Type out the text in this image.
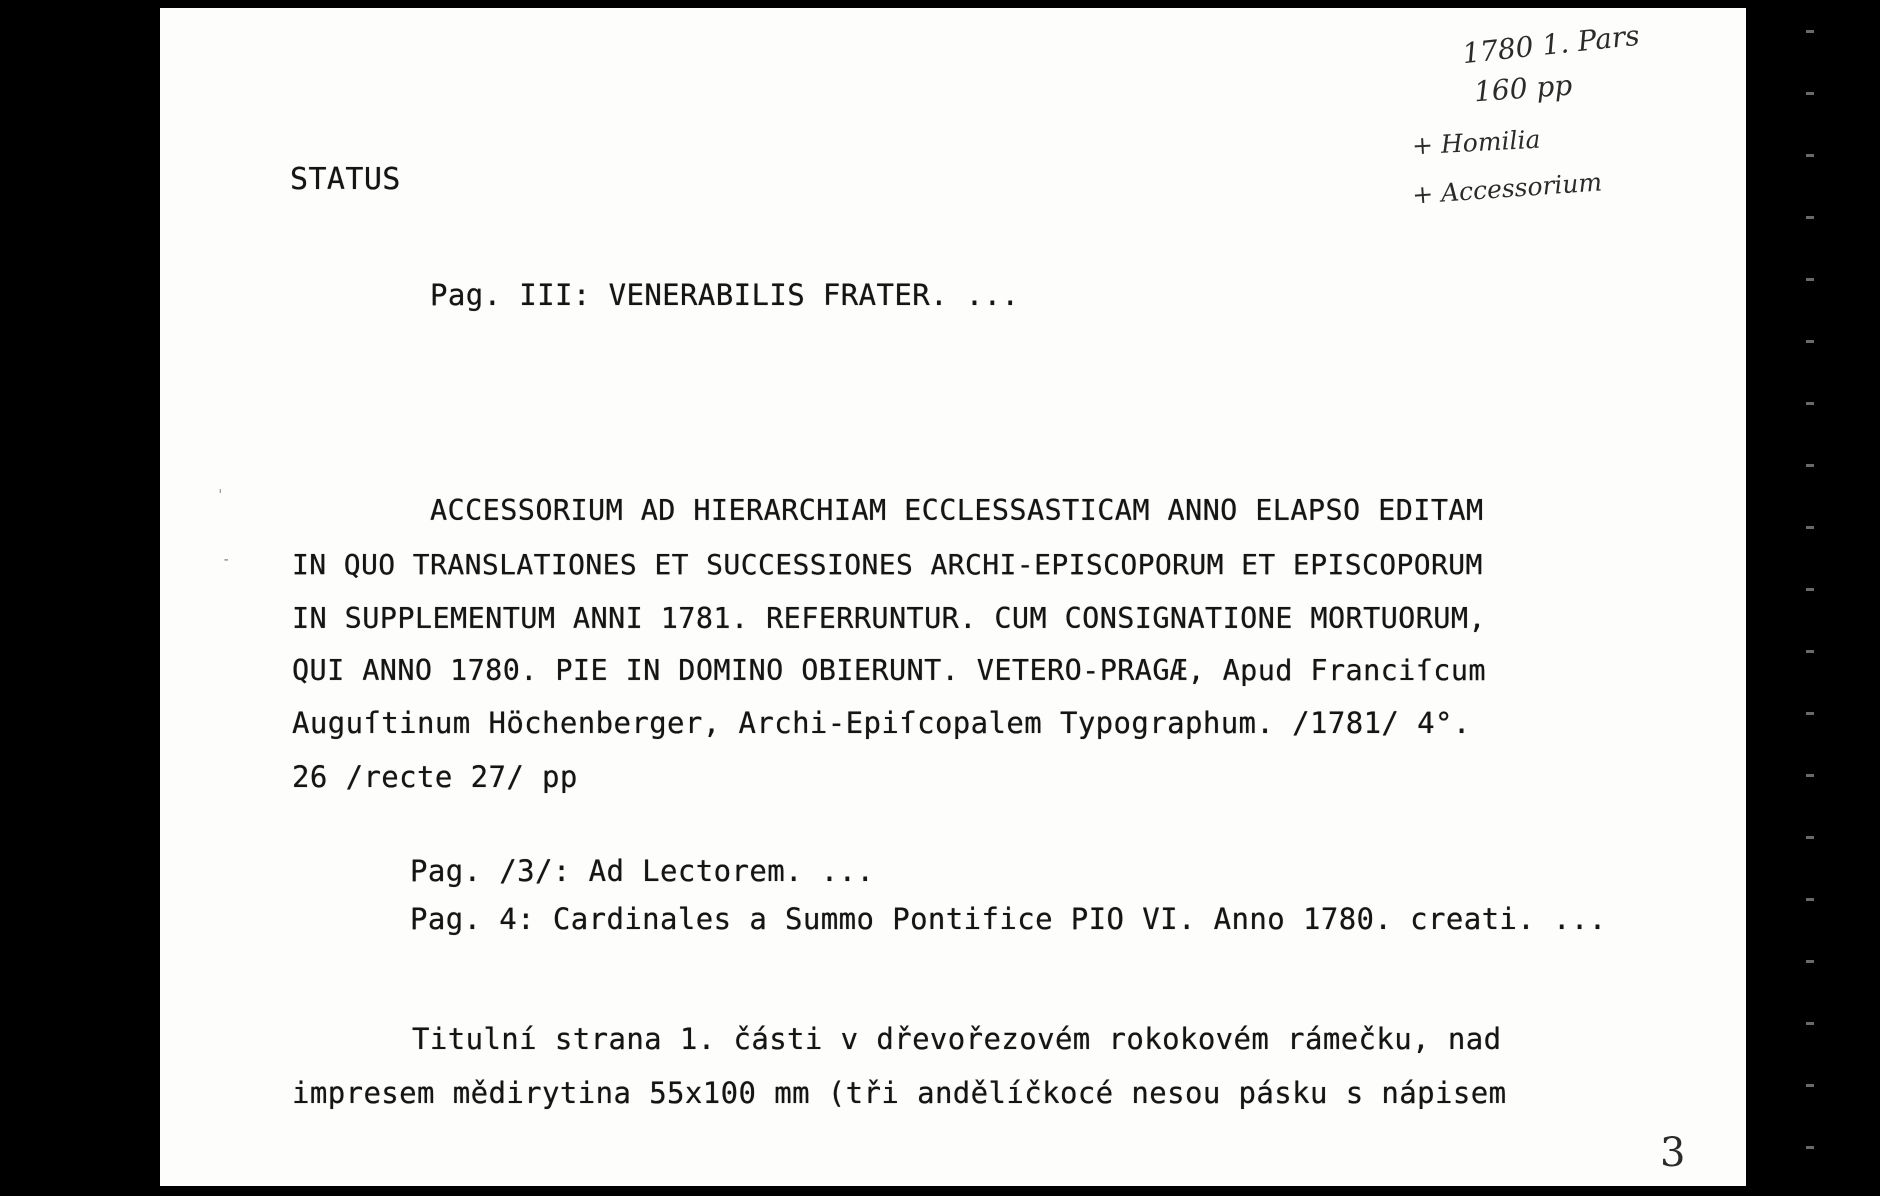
STATUS
1780 1. Pars
160 pp
+ Homilia
+ Accessorium
Pag. III: VENERABILIS FRATER. ...
ACCESSORIUM AD HIERARCHIAM ECCLESSASTICAM ANNO ELAPSO EDITAM
IN QUO TRANSLATIONES ET SUCCESSIONES ARCHI-EPISCOPORUM ET EPISCOPORUM
IN SUPPLEMENTUM ANNI 1781. REFERRUNTUR. CUM CONSIGNATIONE MORTUORUM,
QUI ANNO 1780. PIE IN DOMINO OBIERUNT. VETERO-PRAGÆ, Apud Franciſcum
Auguſtinum Höchenberger, Archi-Epiſcopalem Typographum. /1781/ 4°.
26 /recte 27/ pp
Pag. /3/: Ad Lectorem. ...
Pag. 4: Cardinales a Summo Pontifice PIO VI. Anno 1780. creati. ...
Titulní strana 1. části v dřevořezovém rokokovém rámečku, nad
impresem mědirytina 55x100 mm (tři andělíčkocé nesou pásku s nápisem
3
ˈ
-
